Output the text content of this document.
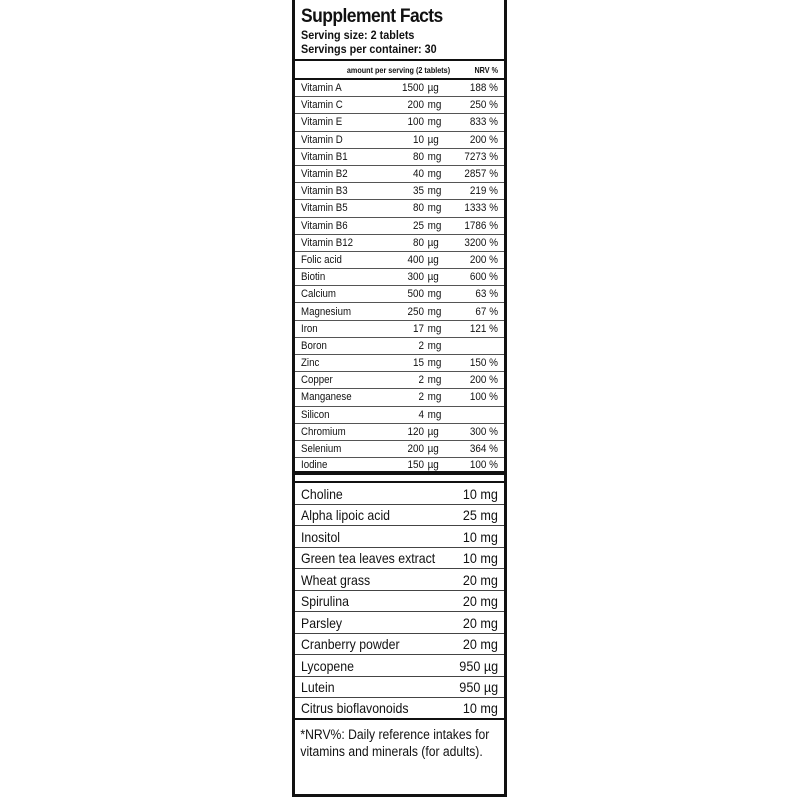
Supplement Facts
Serving size: 2 tablets
Servings per container: 30
amount per serving (2 tablets)	NRV %
Vitamin A	1500 µg	188 %
Vitamin C	200 mg	250 %
Vitamin E	100 mg	833 %
Vitamin D	10 µg	200 %
Vitamin B1	80 mg	7273 %
Vitamin B2	40 mg	2857 %
Vitamin B3	35 mg	219 %
Vitamin B5	80 mg	1333 %
Vitamin B6	25 mg	1786 %
Vitamin B12	80 µg	3200 %
Folic acid	400 µg	200 %
Biotin	300 µg	600 %
Calcium	500 mg	63 %
Magnesium	250 mg	67 %
Iron	17 mg	121 %
Boron	2 mg
Zinc	15 mg	150 %
Copper	2 mg	200 %
Manganese	2 mg	100 %
Silicon	4 mg
Chromium	120 µg	300 %
Selenium	200 µg	364 %
Iodine	150 µg	100 %
Choline	10 mg
Alpha lipoic acid	25 mg
Inositol	10 mg
Green tea leaves extract	10 mg
Wheat grass	20 mg
Spirulina	20 mg
Parsley	20 mg
Cranberry powder	20 mg
Lycopene	950 µg
Lutein	950 µg
Citrus bioflavonoids	10 mg
*NRV%: Daily reference intakes for
vitamins and minerals (for adults).
